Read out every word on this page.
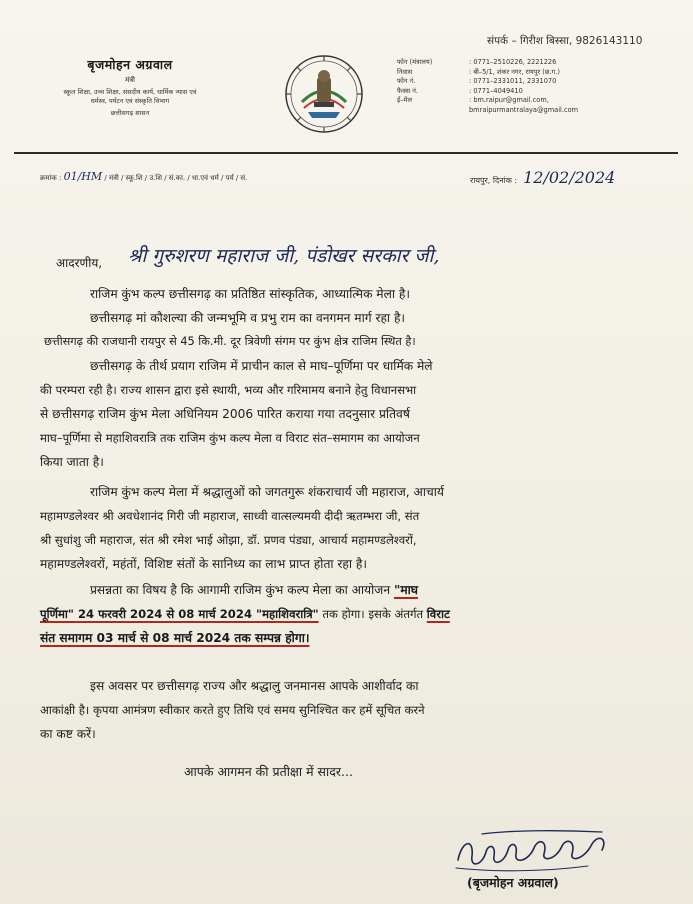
संपर्क – गिरीश बिस्सा, 9826143110
बृजमोहन अग्रवाल
मंत्री
स्कूल शिक्षा, उच्च शिक्षा, संसदीय कार्य, धार्मिक न्यास एवं धर्मस्व, पर्यटन एवं संस्कृति विभाग
छत्तीसगढ़ शासन
फोन (मंत्रालय)	: 0771–2510226, 2221226
निवास	: बी–5/1, शंकर नगर, रायपुर (छ.ग.)
फोन नं.	: 0771–2331011, 2331070
फैक्स नं.	: 0771–4049410
ई–मेल	: bm.raipur@gmail.com,
bmraipurmantralaya@gmail.com
क्रमांक : 01/HM / मंत्री / स्कू.शि / उ.शि / सं.का. / धा.एवं धर्म / पर्य / सं.	रायपुर, दिनांक : 12/02/2024
आदरणीय, श्री गुरुशरण महाराज जी, पंडोखर सरकार जी,
राजिम कुंभ कल्प छत्तीसगढ़ का प्रतिष्ठित सांस्कृतिक, आध्यात्मिक मेला है।
छत्तीसगढ़ मां कौशल्या की जन्मभूमि व प्रभु राम का वनगमन मार्ग रहा है।
छत्तीसगढ़ की राजधानी रायपुर से 45 कि.मी. दूर त्रिवेणी संगम पर कुंभ क्षेत्र राजिम स्थित है।
छत्तीसगढ़ के तीर्थ प्रयाग राजिम में प्राचीन काल से माघ–पूर्णिमा पर धार्मिक मेले
की परम्परा रही है। राज्य शासन द्वारा इसे स्थायी, भव्य और गरिमामय बनाने हेतु विधानसभा
से छत्तीसगढ़ राजिम कुंभ मेला अधिनियम 2006 पारित कराया गया तदनुसार प्रतिवर्ष
माघ–पूर्णिमा से महाशिवरात्रि तक राजिम कुंभ कल्प मेला व विराट संत–समागम का आयोजन
किया जाता है।
राजिम कुंभ कल्प मेला में श्रद्धालुओं को जगतगुरू शंकराचार्य जी महाराज, आचार्य
महामण्डलेश्वर श्री अवधेशानंद गिरी जी महाराज, साध्वी वात्सल्यमयी दीदी ऋतम्भरा जी, संत
श्री सुधांशु जी महाराज, संत श्री रमेश भाई ओझा, डॉ. प्रणव पंड्या, आचार्य महामण्डलेश्वरों,
महामण्डलेश्वरों, महंतों, विशिष्ट संतों के सानिध्य का लाभ प्राप्त होता रहा है।
प्रसन्नता का विषय है कि आगामी राजिम कुंभ कल्प मेला का आयोजन "माघ
पूर्णिमा" 24 फरवरी 2024 से 08 मार्च 2024 "महाशिवरात्रि" तक होगा। इसके अंतर्गत विराट
संत समागम 03 मार्च से 08 मार्च 2024 तक सम्पन्न होगा।
इस अवसर पर छत्तीसगढ़ राज्य और श्रद्धालु जनमानस आपके आशीर्वाद का
आकांक्षी है। कृपया आमंत्रण स्वीकार करते हुए तिथि एवं समय सुनिश्चित कर हमें सूचित करने
का कष्ट करें।
आपके आगमन की प्रतीक्षा में सादर...
(बृजमोहन अग्रवाल)
